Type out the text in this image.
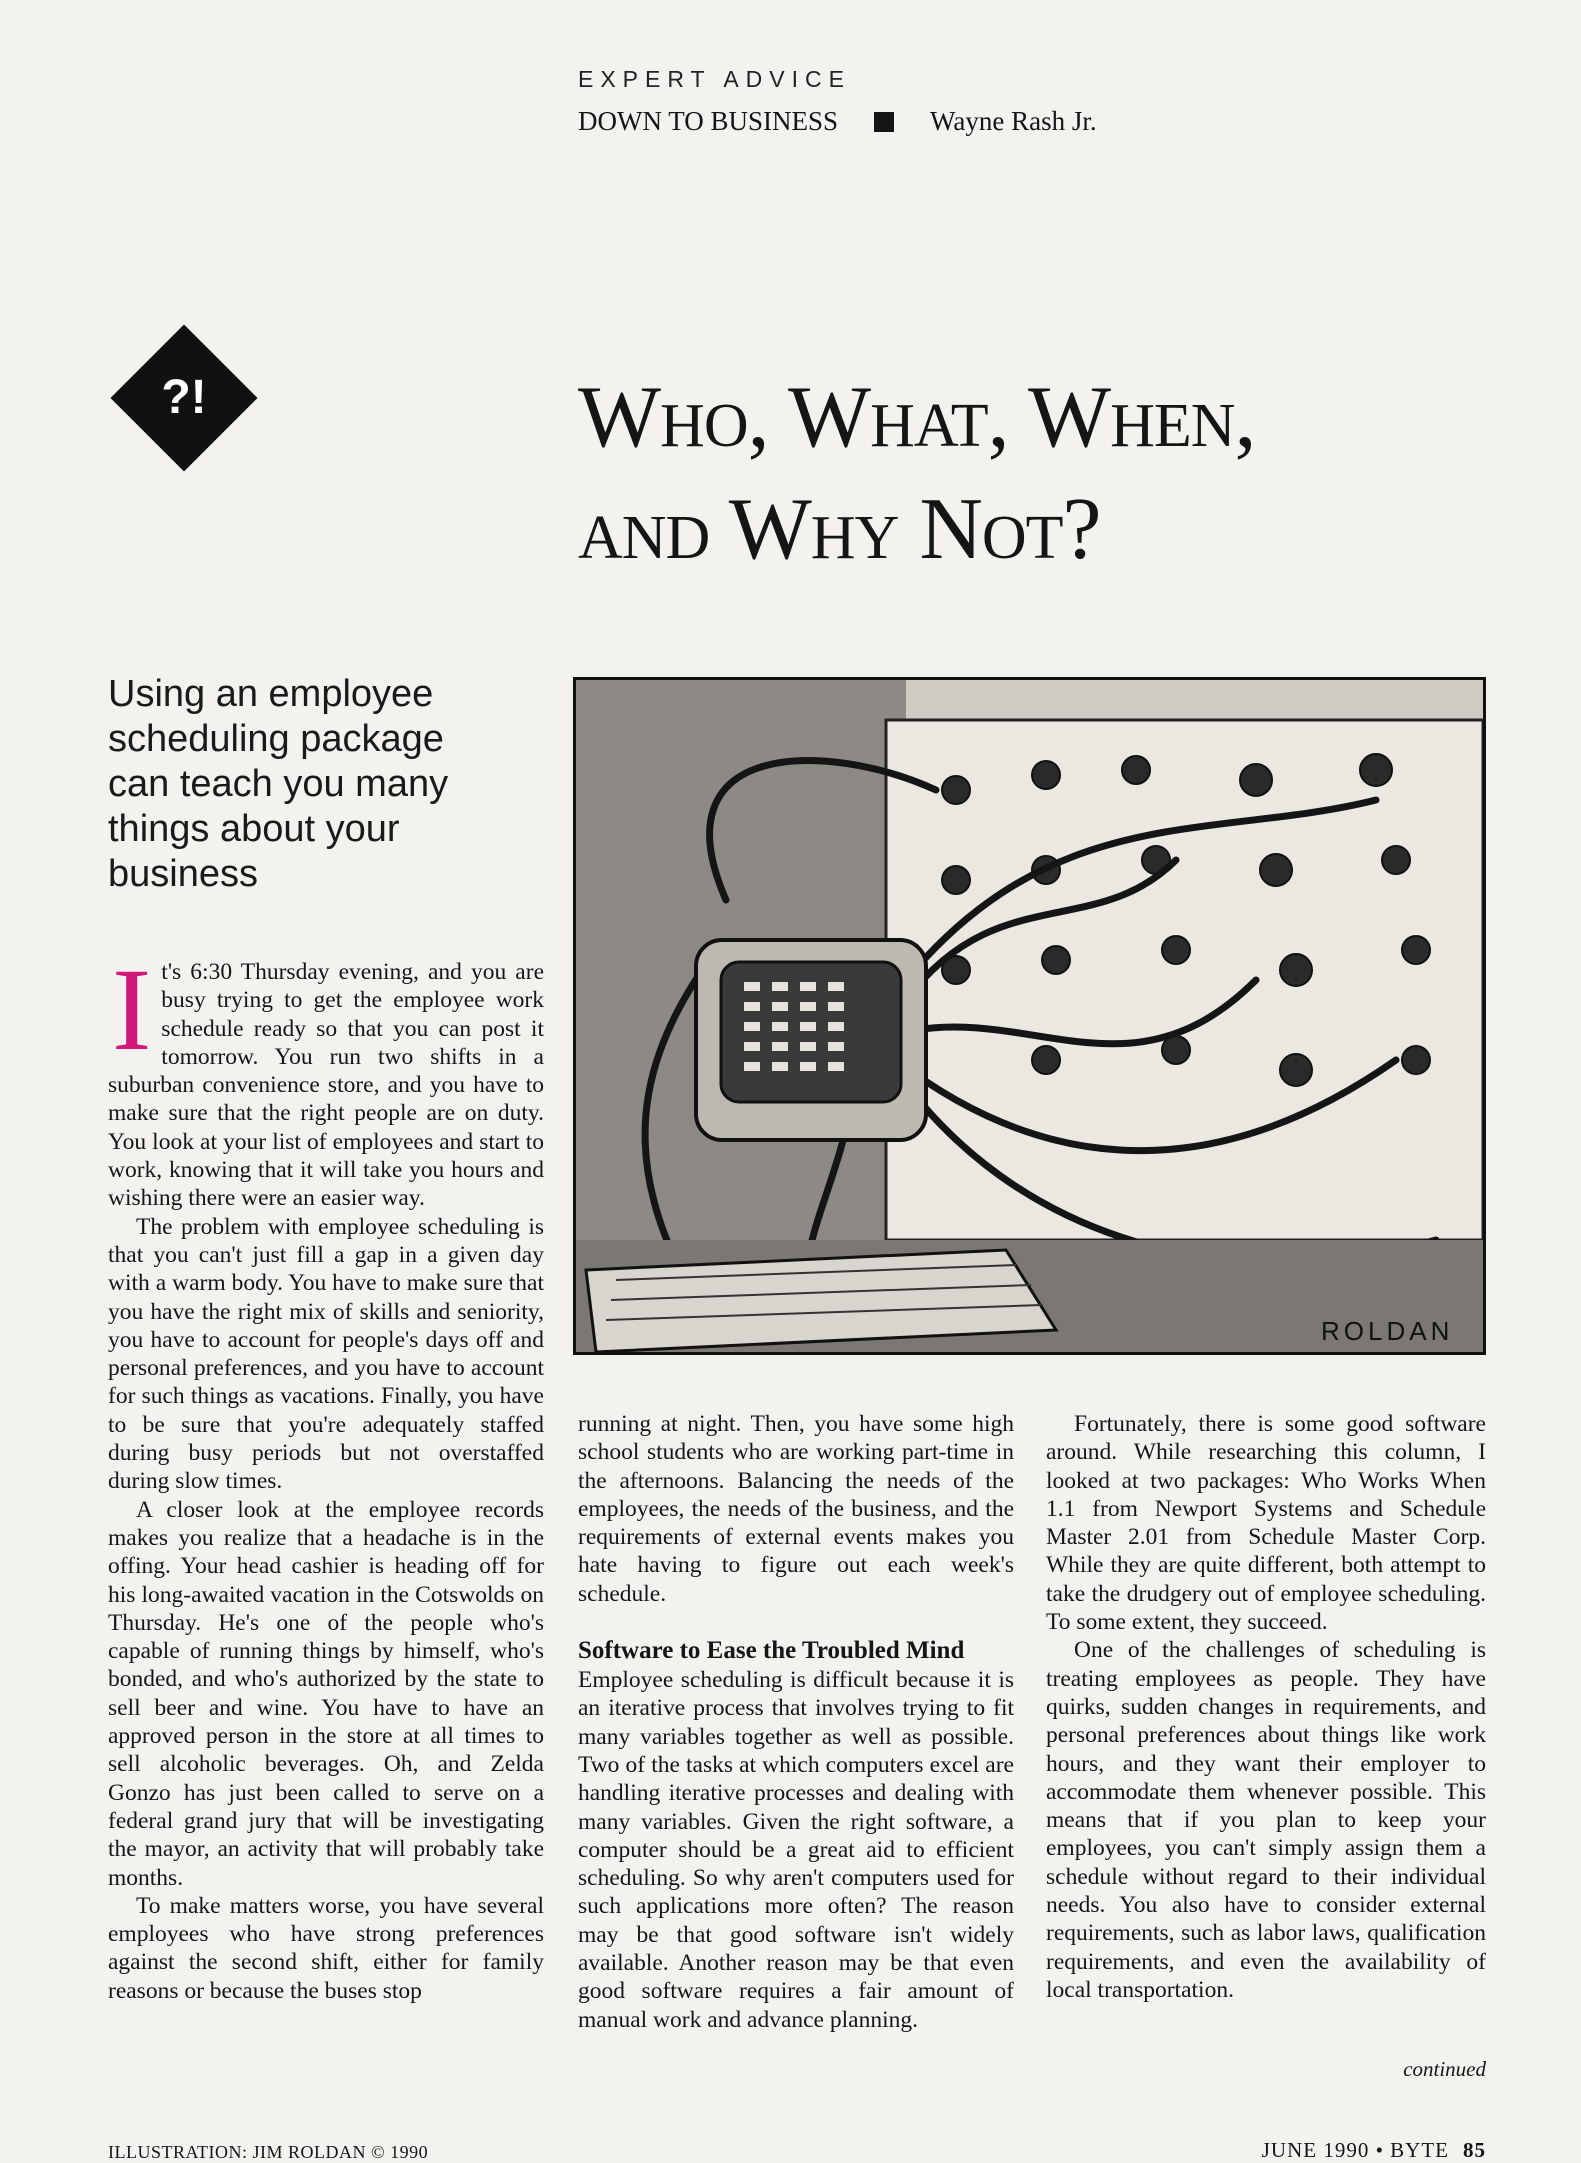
EXPERT ADVICE
DOWN TO BUSINESS	Wayne Rash Jr.
?!	Who, What, When,
and Why Not?
Using an employee scheduling package can teach you many things about your business
ROLDAN
I t's 6:30 Thursday evening, and you are busy trying to get the employee work schedule ready so that you can post it tomorrow. You run two shifts in a suburban convenience store, and you have to make sure that the right people are on duty. You look at your list of employees and start to work, knowing that it will take you hours and wishing there were an easier way.

The problem with employee scheduling is that you can't just fill a gap in a given day with a warm body. You have to make sure that you have the right mix of skills and seniority, you have to account for people's days off and personal preferences, and you have to account for such things as vacations. Finally, you have to be sure that you're adequately staffed during busy periods but not overstaffed during slow times.

A closer look at the employee records makes you realize that a headache is in the offing. Your head cashier is heading off for his long-awaited vacation in the Cotswolds on Thursday. He's one of the people who's capable of running things by himself, who's bonded, and who's authorized by the state to sell beer and wine. You have to have an approved person in the store at all times to sell alcoholic beverages. Oh, and Zelda Gonzo has just been called to serve on a federal grand jury that will be investigating the mayor, an activity that will probably take months.

To make matters worse, you have several employees who have strong preferences against the second shift, either for family reasons or because the buses stop

running at night. Then, you have some high school students who are working part-time in the afternoons. Balancing the needs of the employees, the needs of the business, and the requirements of external events makes you hate having to figure out each week's schedule.

Software to Ease the Troubled Mind

Employee scheduling is difficult because it is an iterative process that involves trying to fit many variables together as well as possible. Two of the tasks at which computers excel are handling iterative processes and dealing with many variables. Given the right software, a computer should be a great aid to efficient scheduling. So why aren't computers used for such applications more often? The reason may be that good software isn't widely available. Another reason may be that even good software requires a fair amount of manual work and advance planning.

Fortunately, there is some good software around. While researching this column, I looked at two packages: Who Works When 1.1 from Newport Systems and Schedule Master 2.01 from Schedule Master Corp. While they are quite different, both attempt to take the drudgery out of employee scheduling. To some extent, they succeed.

One of the challenges of scheduling is treating employees as people. They have quirks, sudden changes in requirements, and personal preferences about things like work hours, and they want their employer to accommodate them whenever possible. This means that if you plan to keep your employees, you can't simply assign them a schedule without regard to their individual needs. You also have to consider external requirements, such as labor laws, qualification requirements, and even the availability of local transportation.

continued
ILLUSTRATION: JIM ROLDAN © 1990	JUNE 1990 • BYTE 85
